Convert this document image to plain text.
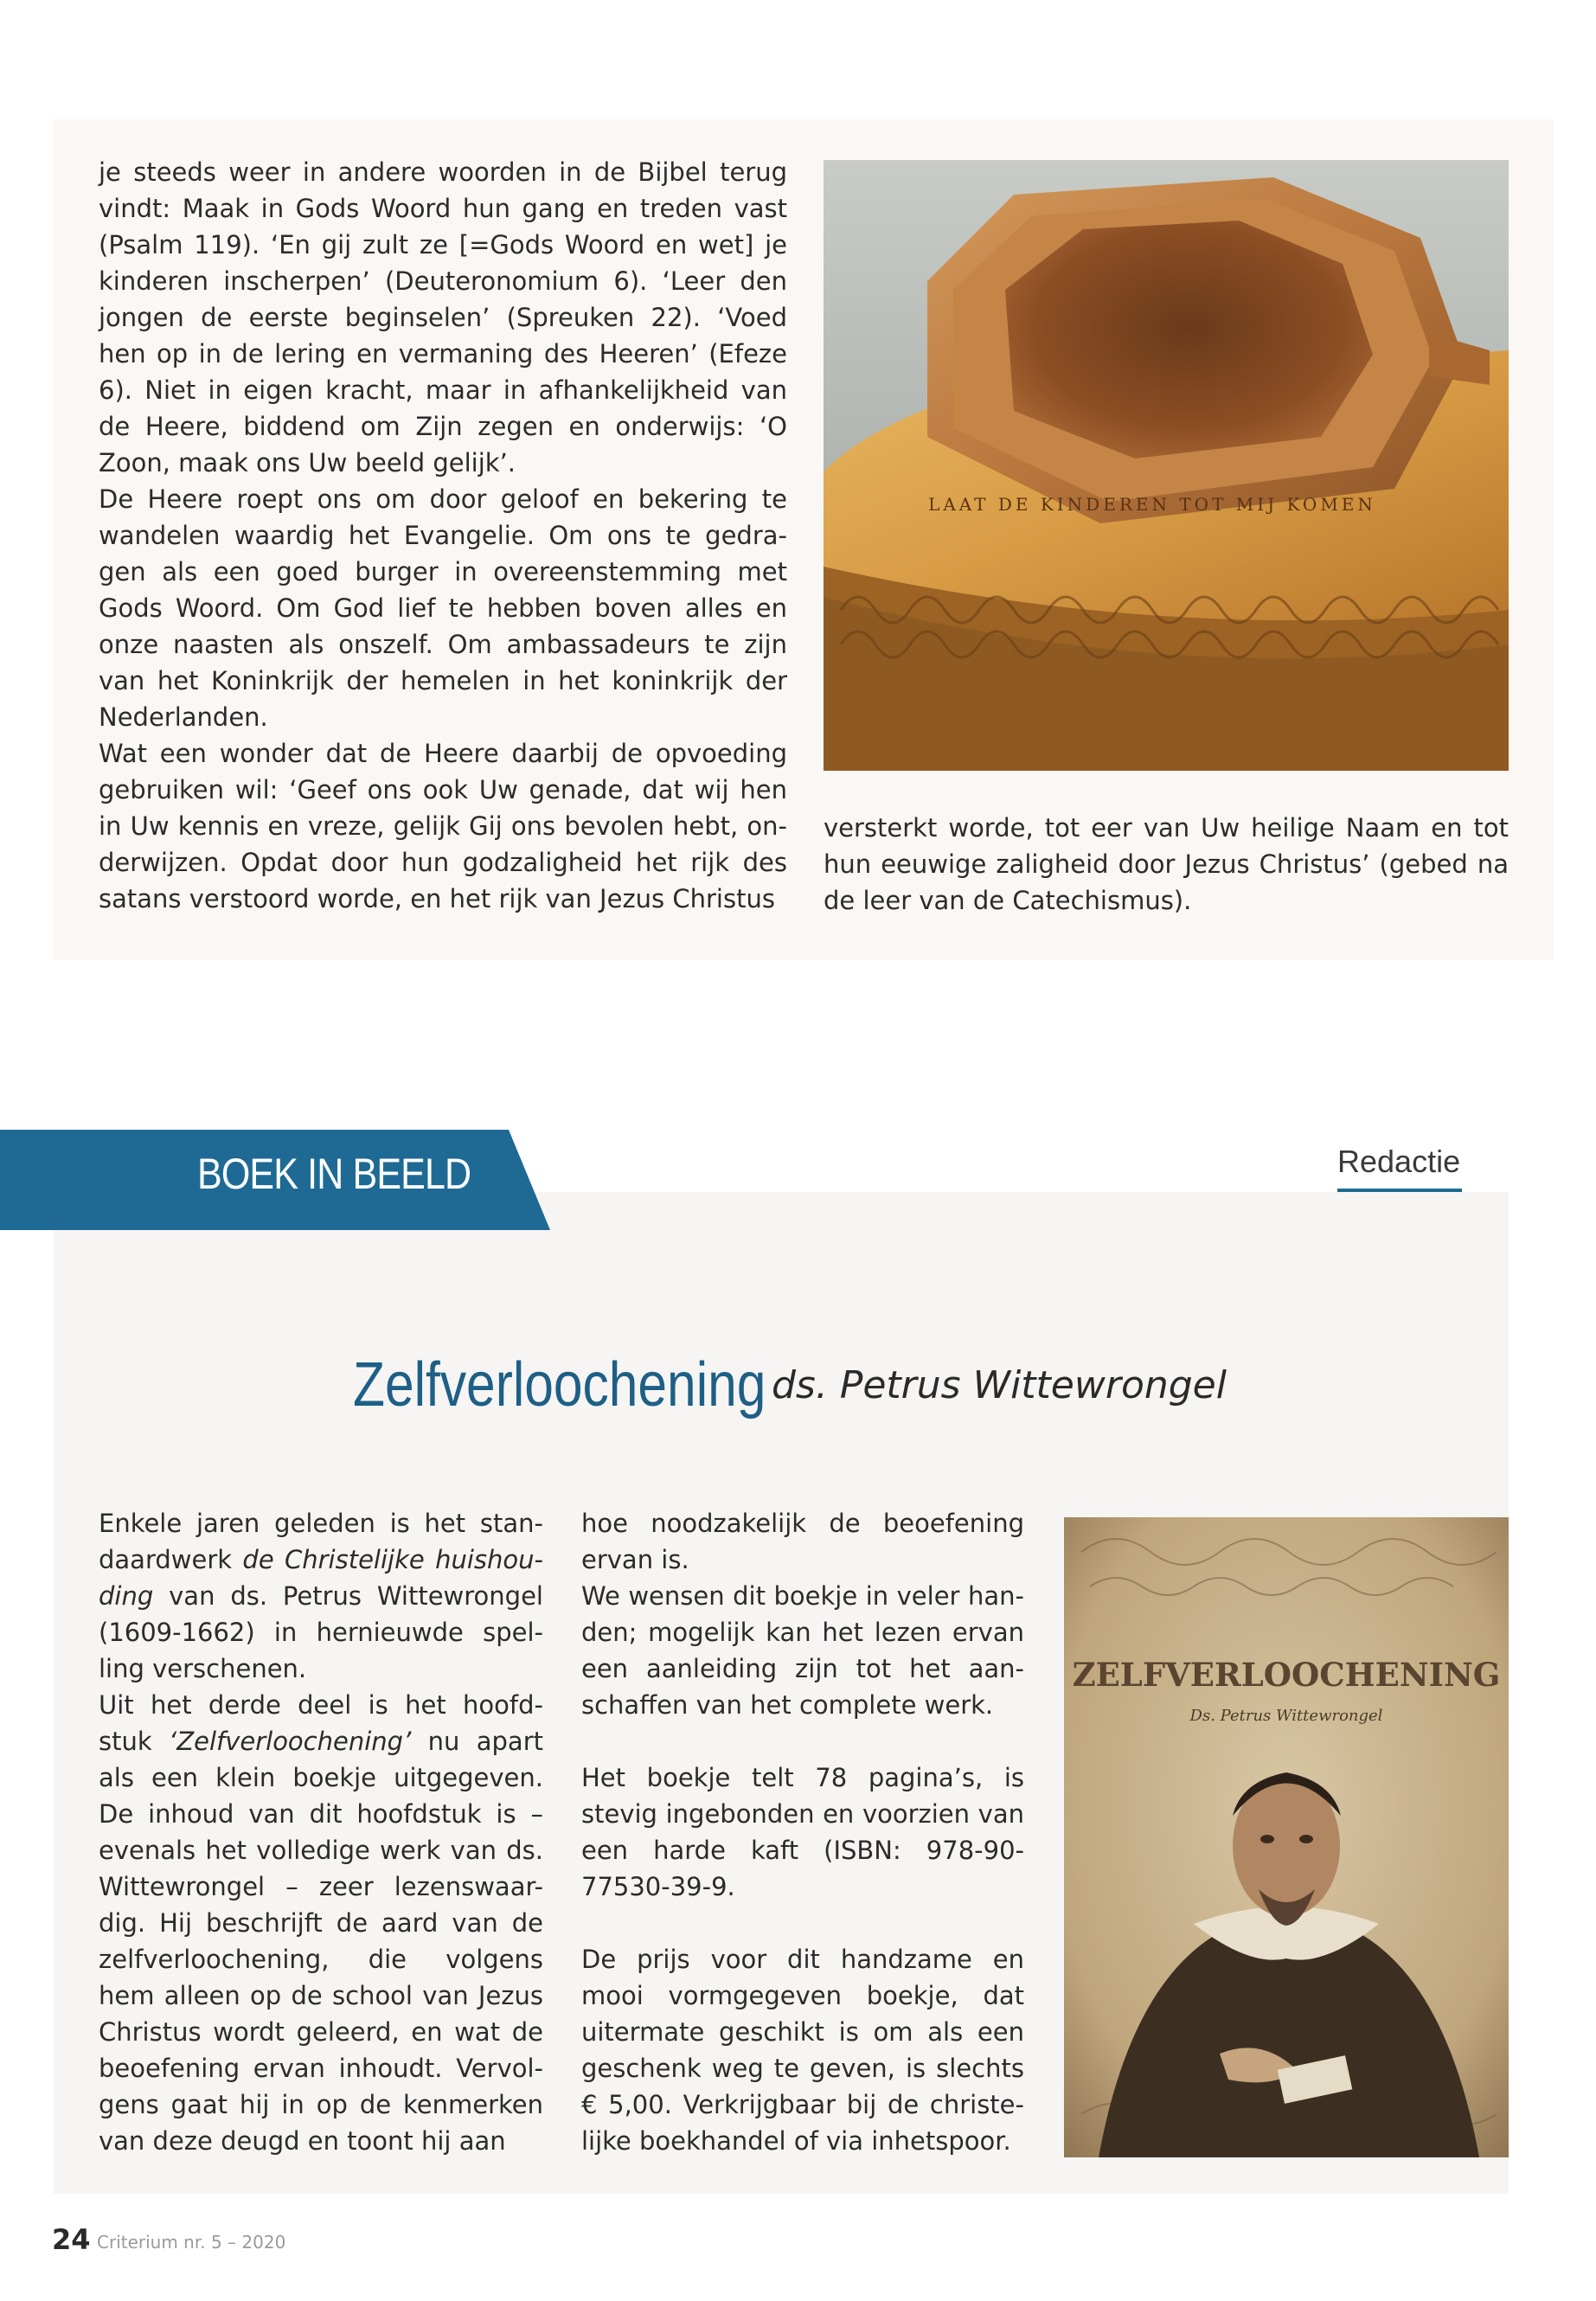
je steeds weer in andere woorden in de Bijbel terug vindt: Maak in Gods Woord hun gang en treden vast (Psalm 119). ‘En gij zult ze [=Gods Woord en wet] je kinderen inscherpen’ (Deuteronomium 6). ‘Leer den jongen de eerste beginselen’ (Spreuken 22). ‘Voed hen op in de lering en vermaning des Heeren’ (Efeze 6). Niet in eigen kracht, maar in afhankelijkheid van de Heere, biddend om Zijn zegen en onderwijs: ‘O Zoon, maak ons Uw beeld gelijk’.

De Heere roept ons om door geloof en bekering te wandelen waardig het Evangelie. Om ons te gedra-gen als een goed burger in overeenstemming met Gods Woord. Om God lief te hebben boven alles en onze naasten als onszelf. Om ambassadeurs te zijn van het Koninkrijk der hemelen in het koninkrijk der Nederlanden.

Wat een wonder dat de Heere daarbij de opvoeding gebruiken wil: ‘Geef ons ook Uw genade, dat wij hen in Uw kennis en vreze, gelijk Gij ons bevolen hebt, on-derwijzen. Opdat door hun godzaligheid het rijk des satans verstoord worde, en het rijk van Jezus Christus

LAAT DE KINDEREN TOT MIJ KOMEN

versterkt worde, tot eer van Uw heilige Naam en tot hun eeuwige zaligheid door Jezus Christus’ (gebed na de leer van de Catechismus).

BOEK IN BEELD	Redactie
Zelfverloochening ds. Petrus Wittewrongel

Enkele jaren geleden is het stan-daardwerk de Christelijke huishou-ding van ds. Petrus Wittewrongel (1609-1662) in hernieuwde spel-ling verschenen.

Uit het derde deel is het hoofd-stuk ‘Zelfverloochening’ nu apart als een klein boekje uitgegeven. De inhoud van dit hoofdstuk is – evenals het volledige werk van ds. Wittewrongel – zeer lezenswaar-dig. Hij beschrijft de aard van de zelfverloochening, die volgens hem alleen op de school van Jezus Christus wordt geleerd, en wat de beoefening ervan inhoudt. Vervol-gens gaat hij in op de kenmerken van deze deugd en toont hij aan

hoe noodzakelijk de beoefening ervan is.

We wensen dit boekje in veler han-den; mogelijk kan het lezen ervan een aanleiding zijn tot het aan-schaffen van het complete werk.

Het boekje telt 78 pagina’s, is stevig ingebonden en voorzien van een harde kaft (ISBN: 978-90-77530-39-9.

De prijs voor dit handzame en mooi vormgegeven boekje, dat uitermate geschikt is om als een geschenk weg te geven, is slechts € 5,00. Verkrijgbaar bij de christe-lijke boekhandel of via inhetspoor.

ZELFVERLOOCHENING
Ds. Petrus Wittewrongel
24 Criterium nr. 5 – 2020
